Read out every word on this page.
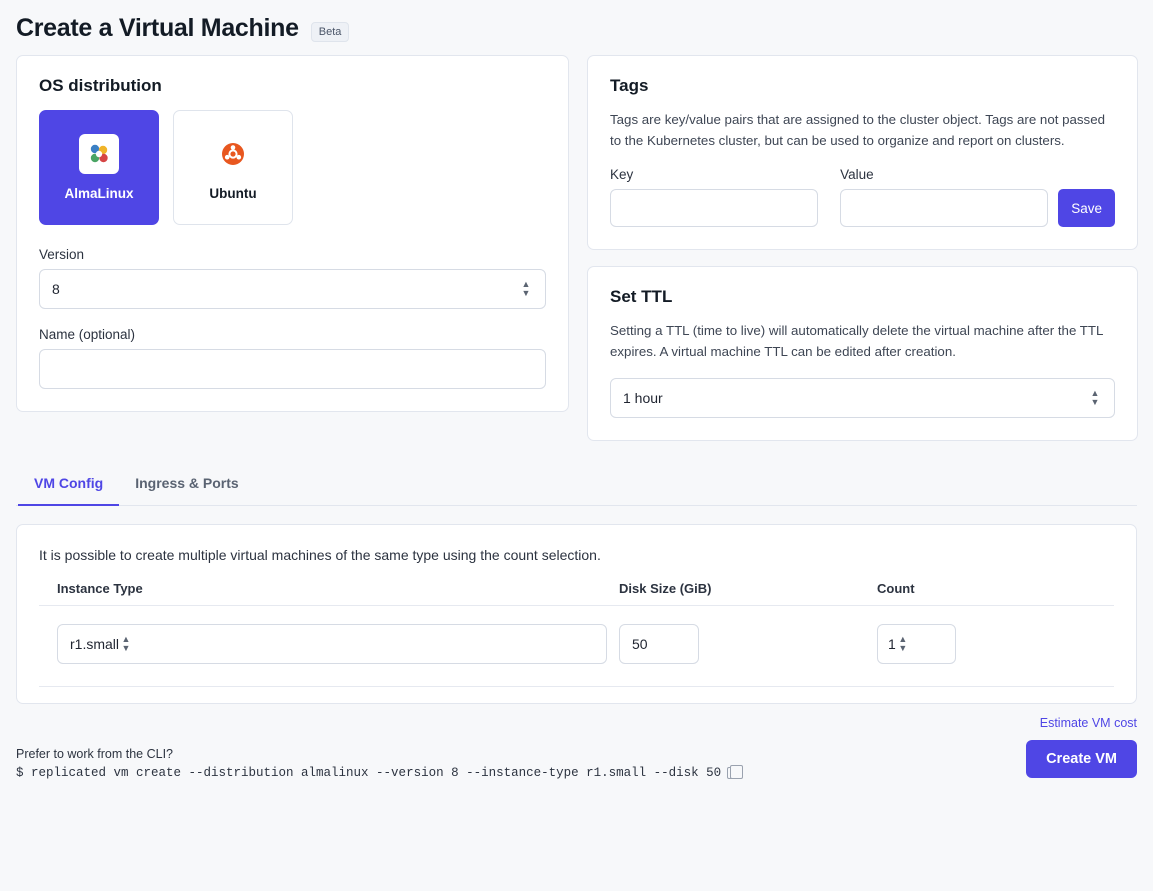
Create a Virtual Machine	Beta
OS distribution
AlmaLinux	Ubuntu
Version
8	▲
▼
Name (optional)
Tags

Tags are key/value pairs that are assigned to the cluster object. Tags are not passed to the Kubernetes cluster, but can be used to organize and report on clusters.

Key	Value
Save
Set TTL

Setting a TTL (time to live) will automatically delete the virtual machine after the TTL expires. A virtual machine TTL can be edited after creation.

1 hour	▲
▼
VM Config	Ingress & Ports
It is possible to create multiple virtual machines of the same type using the count selection.
Instance Type	Disk Size (GiB)	Count
r1.small ▲
▼	50	1 ▲
▼
Prefer to work from the CLI?
$ replicated vm create --distribution almalinux --version 8 --instance-type r1.small --disk 50
Estimate VM cost
Create VM
